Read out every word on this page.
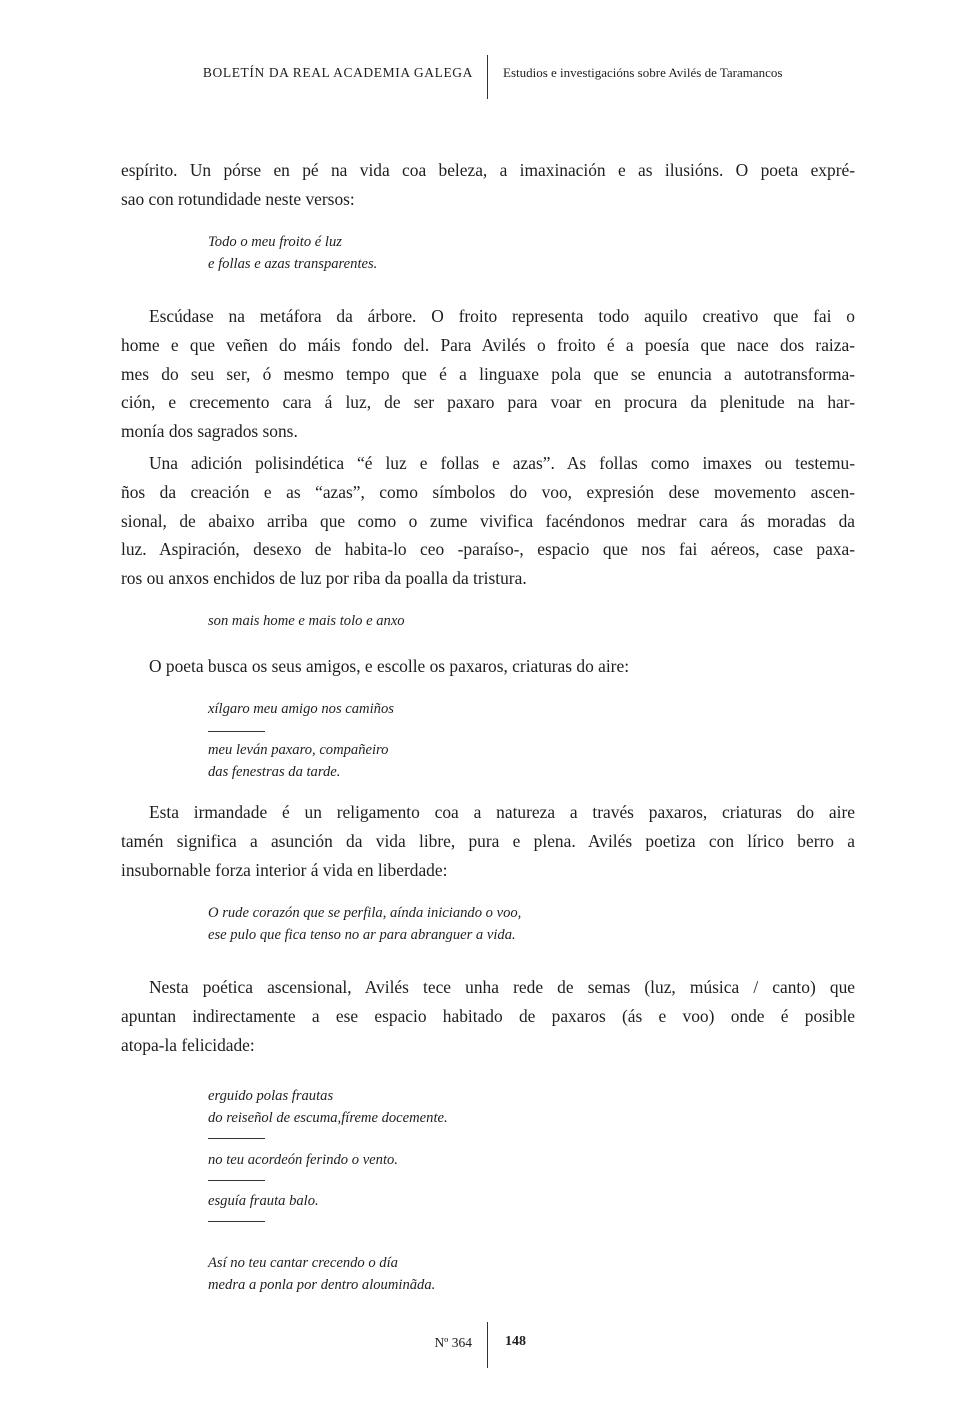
BOLETÍN DA REAL ACADEMIA GALEGA Estudios e investigacións sobre Avilés de Taramancos
espírito. Un pórse en pé na vida coa beleza, a imaxinación e as ilusións. O poeta expré-
sao con rotundidade neste versos:
Todo o meu froito é luz
e follas e azas transparentes.
Escúdase na metáfora da árbore. O froito representa todo aquilo creativo que fai o
home e que veñen do máis fondo del. Para Avilés o froito é a poesía que nace dos raiza-
mes do seu ser, ó mesmo tempo que é a linguaxe pola que se enuncia a autotransforma-
ción, e crecemento cara á luz, de ser paxaro para voar en procura da plenitude na har-
monía dos sagrados sons.
Una adición polisindética “é luz e follas e azas”. As follas como imaxes ou testemu-
ños da creación e as “azas”, como símbolos do voo, expresión dese movemento ascen-
sional, de abaixo arriba que como o zume vivifica facéndonos medrar cara ás moradas da
luz. Aspiración, desexo de habita-lo ceo -paraíso-, espacio que nos fai aéreos, case paxa-
ros ou anxos enchidos de luz por riba da poalla da tristura.
son mais home e mais tolo e anxo
O poeta busca os seus amigos, e escolle os paxaros, criaturas do aire:
xílgaro meu amigo nos camiños
meu leván paxaro, compañeiro
das fenestras da tarde.
Esta irmandade é un religamento coa a natureza a través paxaros, criaturas do aire
tamén significa a asunción da vida libre, pura e plena. Avilés poetiza con lírico berro a
insubornable forza interior á vida en liberdade:
O rude corazón que se perfila, aínda iniciando o voo,
ese pulo que fica tenso no ar para abranguer a vida.
Nesta poética ascensional, Avilés tece unha rede de semas (luz, música / canto) que
apuntan indirectamente a ese espacio habitado de paxaros (ás e voo) onde é posible
atopa-la felicidade:
erguido polas frautas
do reiseñol de escuma,fíreme docemente.
no teu acordeón ferindo o vento.
esguía frauta balo.
Así no teu cantar crecendo o día
medra a ponla por dentro alouminãda.
Nº 364 148
